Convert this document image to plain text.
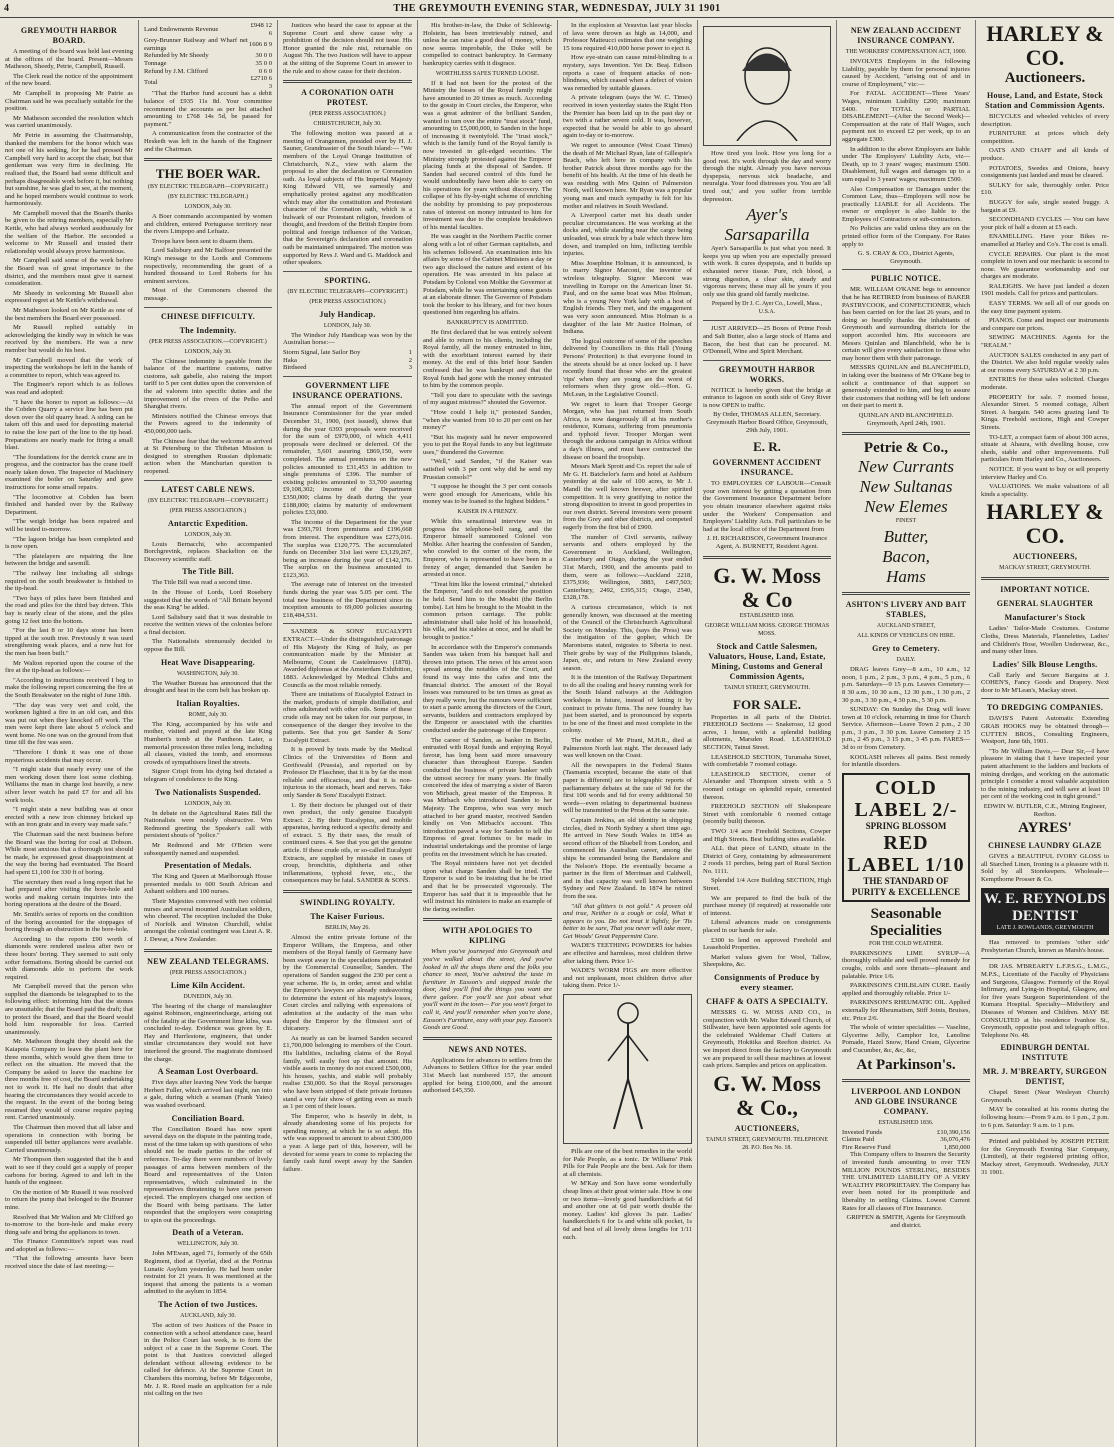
4	THE GREYMOUTH EVENING STAR, WEDNESDAY, JULY 31 1901
GREYMOUTH HARBOR BOARD.

A meeting of the board was held last evening at the offices of the board. Present—Messrs Matheson, Sheedy, Petrie, Campbell, Russell.

The Clerk read the notice of the appointment of the new board.

Mr Campbell in proposing Mr Patrie as Chairman said he was peculiarly suitable for the position.

Mr Matheson seconded the resolution which was carried unanimously.

Mr Petrie in assuming the Chairmanship, thanked the members for the honor which was not one of his seeking, for he had pressed Mr Campbell very hard to accept the chair, but that gentleman was very firm in declining. He realised that, the Board had some difficult and perhaps disagreeable work before it, but nothing but sunshine, he was glad to see, at the moment, and he hoped members would continue to work harmoniously.

Mr Campbell moved that the Board's thanks be given to the retiring members, especially Mr Kettle, who had always worked assiduously for the welfare of the Harbor. He seconded a welcome to Mr Russell and trusted their relationship would always prove harmonious.

Mr Campbell said some of the work before the Board was of great importance to the district, and the members must give it earnest consideration.

Mr Sheedy in welcoming Mr Russell also expressed regret at Mr Kettle's withdrawal.

Mr Matheson looked on Mr Kettle as one of the best members the Board ever possessed.

Mr Russell replied suitably in acknowledging the kindly way in which he was received by the members. He was a new member but would do his best.

Mr Campbell moved that the work of inspecting the workshops be left in the hands of a committee to report, which was agreed to.

The Engineer's report which is as follows was read and adopted:

"I have the honor to report as follows:—At the Cobden Quarry a service line has been put down over the old quarry head. A siding can be taken off this and used for depositing material to raise the low part of the line to the tip head. Preparations are nearly made for firing a small blast.

"The foundations for the derrick crane are in progress, and the contractor has the crane itself nearly taken down. The Inspector of Machinery examined the boiler on Saturday and gave instructions for some small repairs.

"The locomotive at Cobden has been finished and handed over by the Railway Department.

"The weigh bridge has been repaired and will be tested to-morrow.

"The lagoon bridge has been completed and is now open.

"The platelayers are repairing the line between the bridge and sawmill.

"The railway line including all sidings required on the south breakwater is finished to the tip-head.

"Two bays of piles have been finished and the road and piles for the third bay driven. This bay is nearly clear of the stone, and the piles going 12 feet into the bottom.

"For the last 8 or 10 days stone has been tipped at the south tree. Previously it was used strengthening weak places, and a new hut for the men has been built."

Mr Walton reported upon the course of the fire at the tip-head as follows:—

"According to instructions received I beg to make the following report concerning the fire at the South Breakwater on the night of June 18th.

"The day was very wet and cold, the workmen lighted a fire in an old can, and this was put out when they knocked off work. The men were kept there late about 5 o'clock and went home. No one was on the ground from that time till the fire was seen.

"Therefore I think it was one of those mysterious accidents that may occur.

"I might state that nearly every one of the men working down there lost some clothing. Williams the man in charge lost heavily, a new silver lever watch he paid £7 for and all his work tools.

"I might state a new building was at once erected with a new iron chimney bricked up with an iron grate and in every way made safe."

The Chairman said the next business before the Board was the boring for coal at Dobson. While most anxious that a thorough test should be made, he expressed great disappointment at the way the boring had eventuated. The Board had spent £1,100 for 330 ft of boring.

The secretary then read a long report that he had prepared after visiting the bore-hole and works and making certain inquiries into the boring operations at the desire of the Board.

Mr. Smith's series of reports on the condition of the boring accounted for the stoppages of boring through an obstruction in the bore-hole.

According to the reports £90 worth of diamonds were rendered useless after two or three hours' boring. They seemed to suit only softer formations. Boring should be carried out with diamonds able to perform the work required.

Mr Campbell moved that the person who supplied the diamonds be telegraphed to to the following effect: informing him that the stones are unsuitable; that the Board paid the draft; that to protect the Board, and that the Board would hold him responsible for loss. Carried unanimously.

Mr. Matheson thought they should ask the Kaiapoia Company to leave the plant here for three months, which would give them time to reflect on the situation. He moved that the Company be asked to leave the machine for three months free of cost, the Board undertaking not to work it. He had no doubt that after hearing the circumstances they would accede to the request. In the event of the boring being resumed they would of course require paying rent. Carried unanimously.

The Chairman then moved that all labor and operations in connection with boring be suspended till better appliances were available. Carried unanimously.

Mr Thompson then suggested that the b and wait to see if they could get a supply of proper carbons for boring. Agreed to and left in the hands of the engineer.

On the motion of Mr Russell it was resolved to return the pump that belonged to the Brunner mine.

Resolved that Mr Walton and Mr Clifford go to-morrow to the bore-hole and make every thing safe and bring the appliances to town.

The Finance Committee's report was read and adopted as follows:—

"That the following amounts have been received since the date of last meeting:—

Land Endowments Revenue	£948 12 6
Grey-Brunner Railway and Wharf net earnings	1606 8 9
Refunded by Mr Sheedy	30 0 0
Tonnage	35 0 0
Refund by J.M. Clifford	0 6 0
Total	£2710 6 3

"That the Harbor fund account has a debit balance of £935 11s 8d. Your committee recommend the accounts as per list attached amounting to £768 14s 5d, be passed for payment."

A communication from the contractor of the Hesketh was left in the hands of the Engineer and the Chairman.

THE BOER WAR.
(BY ELECTRIC TELEGRAPH—COPYRIGHT.)
(BY ELECTRIC TELEGRAPH.)
LONDON, July 30.

A Boer commando accompanied by women and children, entered Portuguese territory near the rivers Limpopo and Lefuatz.

Troops have been sent to disarm them.

Lord Salisbury and Mr Balfour presented the King's message to the Lords and Commons respectively, recommending the grant of a hundred thousand to Lord Roberts for his eminent services.

Most of the Commoners cheered the message.

CHINESE DIFFICULTY.
The Indemnity.
(PER PRESS ASSOCIATION.—COPYRIGHT.)
LONDON, July 30.

The Chinese indemnity is payable from the balance of the maritime customs, native customs, salt gabelle, also raising the import tariff to 5 per cent duties upon the conversion of the ad valorem into specific duties and the improvement of the rivers of the Peiho and Shanghai rivers.

Ministers notified the Chinese envoys that the Powers agreed to the indemnity of 450,000,000 taels.

The Chinese fear that the welcome as arrived at St Petersburg to the Thibetan Mission is designed to strengthen Russian diplomatic action when the Manchurian question is reopened.

LATEST CABLE NEWS.
(BY ELECTRIC TELEGRAPH—COPYRIGHT.)
(PER PRESS ASSOCIATION.)
Antarctic Expedition.
LONDON, July 30.

Louis Bernacchi, who accompanied Borchgrevink, replaces Shackelton on the Discovery scientific staff.

The Title Bill.

The Title Bill was read a second time.

In the House of Lords, Lord Rosebery suggested that the words of "All Britain beyond the seas King" be added.

Lord Salisbury said that it was desirable to receive the written views of the colonies before a final decision.

The Nationalists strenuously decided to oppose the Bill.

Heat Wave Disappearing.
WASHINGTON, July 30.

The Weather Bureau has announced that the drought and heat in the corn belt has broken up.

Italian Royalties.
ROME, July 30.

The King, accompanied by his wife and mother, visited and prayed at the late King Humbert's tomb at the Pantheon. Later, a memorial procession three miles long, including all classes, visited the tomb, and enormous crowds of sympathisers lined the streets.

Signor Crispi from his dying bed dictated a telegram of condolence to the King.

Two Nationalists Suspended.
LONDON, July 30.

In debate on the Agricultural Rates Bill the Nationalists were noisily obstructive. Wm Redmond greeting the Speaker's call with persistent shouts of "police."

Mr Redmond and Mr O'Brien were subsequently named and suspended.

Presentation of Medals.

The King and Queen at Marlborough House presented medals to 600 South African and Ashanti soldiers and 100 nurses.

Their Majesties conversed with two colonial nurses and several mounted Australian soldiers, who cheered. The reception included the Duke of Norfolk and Winston Churchill, whilst amongst the colonial contingent was Lieut A. R. J. Dewar, a New Zealander.

NEW ZEALAND TELEGRAMS.
(PER PRESS ASSOCIATION.)
Lime Kiln Accident.
DUNEDIN, July 30.

The hearing of the charge of manslaughter against Robinson, engineerincharge, arising out of the fatality at the Government lime kilns, was concluded to-day. Evidence was given by E. Hay and Hurrlestone, engineers, that under similar circumstances they would not have interfered the ground. The magistrate dismissed the charge.

A Seaman Lost Overboard.

Five days after leaving New York the barque Herbert Fuller, which arrived last night, ran into a gale, during which a seaman (Frank Yates) was washed overboard.

Conciliation Board.

The Conciliation Board has now spent several days on the dispute in the painting trade, most of the time taken up with questions of who should not be made parties to the order of reference. To-day there were numbers of lively passages of arms between members of the Board and representatives of the Union representatives, which culminated in the representatives threatening to have one person ejected. The employers charged one section of the Board with being partisans. The latter responded that the employers were conspiring to spin out the proceedings.

Death of a Veteran.
WELLINGTON, July 30.

John M'Ewan, aged 71, formerly of the 65th Regiment, died at Oyerlat, died at the Porirua Lunatic Asylum yesterday. He had been under restraint for 21 years. It was mentioned at the inquest that among the patients is a woman admitted to the asylum in 1854.

The Action of two Justices.
AUCKLAND, July 30.

The action of two Justices of the Peace in connection with a school attendance case, heard in the Police Court last week, is to form the subject of a case in the Supreme Court. The point is that Justices convicted alleged defendant without allowing evidence to be called for defence. At the Supreme Court in Chambers this morning, before Mr Edgecombe, Mr. J. R. Reed made an application for a rule nisi calling on the two

Justices who heard the case to appear at the Supreme Court and show cause why a prohibition of the decision should not issue. His Honor granted the rule nisi, returnable on August 7th. The two Justices will have to appear at the sitting of the Supreme Court in answer to the rule and to show cause for their decision.

A CORONATION OATH PROTEST.
(PER PRESS ASSOCIATION.)
CHRISTCHURCH, July 30.

The following motion was passed at a meeting of Orangemen, presided over by H. J. Sauner, Grandmaster of the South Island:— "We members of the Loyal Orange Institution of Christchurch, N.Z., view with alarm the proposal to alter the declaration or Coronation oath. As loyal subjects of His Imperial Majesty King Edward VII, we earnestly and emphatically protest against any modification which may alter the constitution and Protestant character of the Coronation oath, which is a bulwark of our Protestant religion, freedom of thought, and freedom of the British Empire from political and foreign influence of the Vatican, that the Sovereign's declaration and coronation oath be maintained unimpaired. The motion was supported by Revs J. Ward and G. Maddock and other speakers.

SPORTING.
(BY ELECTRIC TELEGRAPH—COPYRIGHT.)
(PER PRESS ASSOCIATION.)
July Handicap.
LONDON, July 30.

The Windsor July Handicap was won by the Australian horse:—

Storm Signal, late Sailor Boy	1
Haka	2
Birdseed	3
GOVERNMENT LIFE INSURANCE OPERATIONS.

The annual report of the Government Insurance Commissioner for the year ended December 31, 1900, (not issued), shows that during the year 6393 proposals were received for the sum of £979,000, of which 4,411 proposals were declined or deferred. Of the remainder, 5,601 assuring £869,150, were completed. The annual premiums on the new policies amounted to £31,453 in addition to single premiums of £396. The number of existing policies amounted to 33,700 assuring £9,108,302; income of the Department £350,000; claims by death during the year £188,000; claims by maturity of endowment policies £33,000.

The income of the Department for the year was £393,791 from premiums and £196,668 from interest. The expenditure was £273,016. The surplus was £120,775. The accumulated funds on December 31st last were £3,129,267, being an increase during the year of £142,176. The surplus on the business amounted to £123,363.

The average rate of interest on the invested funds during the year was 5.05 per cent. The total new business of the Department since its inception amounts to 69,000 policies assuring £18,484,531.

SANDER & SONS' EUCALYPTI EXTRACT.—Under the distinguished patronage of His Majesty the King of Italy, as per communication made by the Minister at Melbourne, Count de Castelmuovo (1878). Awarded diplomas at the Amsterdam Exhibition, 1883. Acknowledged by Medical Clubs and Councils as the most reliable remedy.

There are imitations of Eucalyptol Extract in the market, products of simple distillation, and often adulterated with other oils. Some of these crude oils may not be taken for our purpose, in consequence of the danger they involve to the patients. See that you get Sander & Sons' Eucalypti Extract.

It is proved by tests made by the Medical Clinics of the Universities of Bonn and Greifswald (Prussia), and reported on by Professor Dr Flaschner, that it is by far the most reliable and efficacious, and that it is non-injurious to the stomach, heart and nerves. Take only Sander & Sons' Eucalypti Extract.

1. By their doctors be plunged out of their own product, the only genuine Eucalypti Extract. 2. By their Eucalyptus, and mobile apparatus, having reduced a specific density and of extract. 3. By their uses, the result of continued cures. 4. See that you get the genuine article. If these crude oils, or so-called Eucalypti Extracts, are supplied by mistake in cases of croup, bronchitis, diphtheria and other inflammations, typhoid fever, etc., the consequences may be fatal. SANDER & SONS.

SWINDLING ROYALTY.
The Kaiser Furious.
BERLIN, May 26.

Almost the entire private fortune of the Emperor William, the Empress, and other members of the Royal family of Germany have been swept away in the speculations perpetrated by the Commercial Counsellor, Sanden. The operations of Sanden suggest the 230 per cent a year scheme. He is, in order, arrest and whilst the Emperor's lawyers are already endeavoring to determine the extent of his majesty's losses, Court circles and rallying with expressions of admiration at the audacity of the man who duped the Emperor by the flimsiest sort of chicanery.

As nearly as can be learned Sanden secured £1,700,000 belonging to members of the Court. His liabilities, including claims of the Royal family, will easily foot up that amount. His visible assets in money do not exceed £500,000, his houses, yachts, and stable will probably realise £30,000. So that the Royal personages who have been stripped of their private fortunes stand a very fair show of getting even as much as 1 per cent of their losses.

The Emperor, who is heavily in debt, is already abandoning some of his projects for spending money, at which he is so adept. His wife was supposed to amount to about £300,000 a year. A large part of this, however, will be devoted for some years to come to replacing the family cash fund swept away by the Sanden failure.

His brother-in-law, the Duke of Schleswig-Holstein, has been irretrievably ruined, and unless he can raise a good deal of money, which now seems improbable, the Duke will be compelled to contract bankruptcy. In Germany bankruptcy carries with it disgrace.

WORTHLESS SAFES TURNED LOOSE.

If it had not been for the protest of the Ministry the losses of the Royal family might have amounted to 20 times as much. According to the gossip in Court circles, the Emperor, who was a great admirer of the brilliant Sanden, wanted to turn over the entire "trust stock" fund, amounting to £5,000,000, to Sanden in the hope of increasing it twentyfold. The "trust stock," which is the family fund of the Royal family is now invested in gilt-edged securities. The Ministry strongly protested against the Emperor placing funds at the disposal of Sanden. If Sanden had secured control of this fund he would undoubtedly have been able to carry on his operations for years without discovery. The collapse of his fly-by-night scheme of enriching the nobility by promising to pay preposterous rates of interest on money intrusted to him for investment was due to the complete breakdown of his mental faculties.

He was caught in the Northern Pacific corner along with a lot of other German capitalists, and his schemes followed. An examination into his affairs by some of the Cabinet Ministers a day or two ago disclosed the nature and extent of his operation. He was arrested in his palace at Potsdam by Colonel von Moltke the Governor at Potsdam, while he was entertaining some guests at an elaborate dinner. The Governor of Potsdam took the broker to his library, and for two hours questioned him regarding his affairs.

BANKRUPTCY IS ADMITTED.

He first declared that he was entirely solvent and able to return to his clients, including the Royal family, all the money entrusted to him, with the exorbitant interest earned by their money. At the end of this brief hour Sanden confessed that he was bankrupt and that the Royal funds had gone with the money entrusted to him by the common people.

"Tell you dare to speculate with the savings of my august mistress?" shouted the Governor.

"How could I help it," protested Sanden, "when she wanted from 10 to 20 per cent on her money?"

"But his majesty said he never empowered you to put the Royal funds to any but legitimate uses," thundered the Governor.

"Well," said Sanden, "if the Kaiser was satisfied with 3 per cent why did he send my Prussian consols?"

"I suppose he thought the 3 per cent consols were good enough for Americans, while his money was to be loaned to the highest bidders."

KAISER IN A FRENZY.

While this sensational interview was in progress the telephone-bell rang, and the Emperor himself summoned Colonel von Moltke. After hearing the confession of Sanden, who crawled to the corner of the room, the Emperor, who is represented to have been in a frenzy of anger, demanded that Sanden be arrested at once.

"Treat him like the lowest criminal," shrieked the Emperor, "and do not consider the position he held. Send him to the Moabit (the Berlin tombs). Let him be brought to the Moabit in the common prison carriage. The public administrator shall take hold of his household, his villa, and his stables at once, and he shall be brought to justice."

In accordance with the Emperor's commands Sanden was taken from his banquet hall and thrown into prison. The news of his arrest soon spread among the notables of the Court, and found its way into the cafes and into the financial district. The amount of the Royal losses was rumoured to be ten times as great as they really were, but the rumours were sufficient to start a panic among the directors of the Court, servants, builders and contractors employed by the Emperor or associated with the charities conducted under the patronage of the Emperor.

The career of Sanden, as banker in Berlin, entrusted with Royal funds and enjoying Royal favour, has long been said more unsavoury character than throughout Europe. Sanden conducted the business of private banker with the utmost secrecy for many years. He finally conceived the idea of marrying a sister of Baron von Mirbach, great master of the Empress. It was Mirbach who introduced Sanden to her Majesty. The Empress, who was very much attached to her grand master, received Sanden kindly on Von Mirbach's account. This introduction paved a way for Sanden to tell the Empress of great fortunes to be made in industrial undertakings and the promise of large profits on the investment which he has created.

The Royal ministers have not yet decided upon what charge Sanden shall be tried. The Emperor is said to be insisting that he be tried and that he be prosecuted vigorously. The Emperor has said that it is impossible that he will instruct his ministers to make an example of the daring swindler.

WITH APOLOGIES TO KIPLING

When you've journeyed into Greymouth and you've walked about the street, And you've looked in all the shops there and the folks you chance to meet, You've admired the taste in furniture in Easson's and stepped inside the door, And you'll find the things you want are there galore. For you'll see just about what you'll want in the town— For you won't forget to call it, And you'll remember when you're done, Easson's Furniture, easy with your pay. Easson's Goods are Good.

NEWS AND NOTES.

Applications for advances to settlers from the Advances to Settlers Office for the year ended 31st March last numbered 157, the amount applied for being £100,000, and the amount authorised £45,350.

In the explosion at Vesuvius last year blocks of lava were thrown as high as 14,000, and Professor Matteucci estimates that one weighing 15 tons required 410,000 horse power to eject it.

How eye-strain can cause mind-blinding is a mystery, says Invention. Yet Dr. Beaj. Edison reports a case of frequent attacks of non-blindness, which ceased when a defect of vision was remedied by suitable glasses.

A private telegram (says the W. C. Times) received in town yesterday states the Right Hon the Premier has been laid up in the past day or two with a rather severe cold. It was, however, expected that he would be able to go aboard again to-day or to-morrow.

We regret to announce (West Coast Times) the death of Mr Michael Ryan, late of Gillespie's Beach, who left here in company with his brother Patrick about three months ago for the benefit of his health. At the time of his death he was residing with Mrs Quinn of Palmerston North, well known here. Mr Ryan was a popular young man and much sympathy is felt for his mother and relatives in South Westland.

A Liverpool carter met his death under peculiar circumstances. He was working at the docks and, while standing near the cargo being unloaded, was struck by a bale which threw him down, and trampled on him, inflicting terrible injuries.

Miss Josephine Holman, it is announced, is to marry Signor Marconi, the inventor of wireless telegraphy. Signor Marconi was travelling in Europe on the American liner St. Paul, and on the same boat was Miss Holman, who is a young New York lady with a host of English friends. They met, and the engagement was very soon announced. Miss Holman is a daughter of the late Mr Justice Holman, of Indiana.

The logical outcome of some of the speeches delivered by Councillors in this Hall (Young Persons' Protection) is that everyone found in the streets should be at once locked up. I have recently found that those who are the greatest 'rips' when they are young are the worst of reformers when they grow old.—Hon. G. McLean, in the Legislative Council.

We regret to learn that Trooper George Morgan, who has just returned from South Africa, is now dangerously ill at his mother's residence, Kumara, suffering from pneumonia and typhoid fever. Trooper Morgan went through the arduous campaign in Africa without a day's illness, and must have contracted the disease on board the troopship.

Messrs Mark Sprott and Co. report the sale of Mr G. H. Batchelor's farm and hotel at Ashburn yesterday at the sale of 100 acres, to Mr J. Mandl the well known brewer, after spirited competition. It is very gratifying to notice the strong disposition to invest in good properties in our own district. Several investors were present from the Grey and other districts, and competed eagerly from the first bid of £900.

The number of Civil servants, railway servants and others employed by the Government in Auckland, Wellington, Canterbury and Otago, during the year ended 31st March, 1900, and the amounts paid to them, were as follows:—Auckland 2218, £375,936; Wellington, 3883, £497,503; Canterbury, 2492, £395,315; Otago, 2540, £328,178.

A curious circumstance, which is not generally known, was discussed at the meeting of the Council of the Christchurch Agricultural Society on Monday. This, (says the Press) was the instigation of the gopher, which Dr Maronisms stated, migrates to Siberia to nest. Their grubs by way of the Philippines Islands, Japan, etc, and return to New Zealand every season.

It is the intention of the Railway Department to do all the coaling and heavy running work for the South Island railways at the Addington workshops in future, instead of letting it by contract to private firms. The new foundry has just been started, and is pronounced by experts to be one of the finest and most complete in the colony.

The mother of Mr Pirani, M.H.R., died at Palmerston North last night. The deceased lady was well known on the Coast.

All the newspapers in the Federal States (Tasmania excepted, because the state of that paper is different) are to telegraphic reports of parliamentary debates at the rate of 9d for the first 100 words and 6d for every additional 50 words—even relating to departmental business will be transmitted to the Press at the same rate.

Captain Jenkins, an old identity in shipping circles, died in North Sydney a short time ago. He arrived in New South Wales in 1854 as second officer of the Bluebell from London, and commenced his Australian career, among the ships he commanded being the Bandalore and the Nelson's Hope. He eventually became a partner in the firm of Merriman and Caldwell, and in that capacity was well known between Sydney and New Zealand. In 1874 he retired from the sea.

"All that glitters is not gold." A proven old and true, Neither is a cough or cold, What it appears to you. Do not treat it lightly, for 'Tis better to be sure, That you never will take more, Get Woods' Great Peppermint Cure.

WADE'S TEETHING POWDERS for babies are effective and harmless, most children thrive after taking them. Price 1/-

WADE'S WORM FIGS are more effective and not unpleasant, most children thrive after taking them. Price 1/-

Pills are one of the best remedies in the world for Pale People, as a tonic. Dr Williams' Pink Pills for Pale People are the best. Ask for them at all chemists.

W M'Kay and Son have some wonderfully cheap lines at their great winter sale. How is one or two items—lovely good handkerchiefs at 6d and another one at 6d pair worth double the money. Ladies' kid gloves 3s pair. Ladies' handkerchiefs 6 for 1s and white silk pocket, 1s 6d and best of all lovely dress lengths for 1/11 each.

How tired you look. How you long for a good rest. It's work through the day and worry through the night. Already you have nervous dyspepsia, nervous sick headache, and neuralgia. Your food distresses you. You are 'all tired out,' and you suffer from terrible depression.

Ayer's Sarsaparilla

Ayer's Sarsaparilla is just what you need. It keeps you up when you are especially pressed with work. It cures dyspepsia, and it builds up exhausted nerve tissue. Pure, rich blood, a strong digestion, a clear skin, steady and vigorous nerves; these may all be yours if you only use this grand old family medicine.

Prepared by Dr J. C. Ayer Co., Lowell, Mass., U.S.A.

JUST ARRIVED—25 Boxes of Prime Fresh and Salt Butter, also a large stock of Hams and Bacon, the best that can be procured. M. O'Donnell, Wine and Spirit Merchant.

GREYMOUTH HARBOR WORKS.

NOTICE is hereby given that the bridge at entrance to lagoon on south side of Grey River is now OPEN to traffic.

By Order, THOMAS ALLEN, Secretary. Greymouth Harbor Board Office, Greymouth, 29th July, 1901.

E. R.
GOVERNMENT ACCIDENT INSURANCE.

TO EMPLOYERS OF LABOUR—Consult your own interest by getting a quotation from the Government Insurance Department before you obtain insurance elsewhere against risks under the Workers' Compensation and Employers' Liability Acts. Full particulars to be had at the local office of the Department from

J. H. RICHARDSON, Government Insurance Agent, A. BURNETT, Resident Agent.

G. W. Moss & Co
ESTABLISHED 1868.
GEORGE WILLIAM MOSS. GEORGE THOMAS MOSS.
Stock and Cattle Salesmen, Valuators, House, Land, Estate, Mining, Customs and General Commission Agents,
TAINUI STREET, GREYMOUTH.
FOR SALE.

Properties in all parts of the District. FREEHOLD Sections — Snakeroso, 12 good acres, 1 house, with a splendid building allotments, Marsden Road. LEASEHOLD SECTION, Tainui Street.

LEASEHOLD SECTION, Turumaha Street, with comfortable 7 roomed cottage.

LEASEHOLD SECTION, corner of Alexander and Thompson streets with a 5 roomed cottage on splendid repair, cemented thereon.

FREEHOLD SECTION off Shakespeare Street with comfortable 6 roomed cottage (recently built) thereon.

TWO 1/4 acre Freehold Sections, Cowper and High Streets. Best building sites available.

ALL that piece of LAND, situate in the District of Grey, containing by admeasurement 2 roods 11 perches, being part of Rural Section No. 1111.

Splendid 1/4 Acre Building SECTION, High Street.

We are prepared to find the bulk of the purchase money (if required) at reasonable rate of interest.

Liberal advances made on consignments placed in our hands for sale.

£300 to lend on approved Freehold and Leasehold Properties.

Market values given for Wool, Tallow, Sheepskins, &c.

Consignments of Produce by every steamer.
CHAFF & OATS A SPECIALTY.

MESSRS G. W. MOSS AND CO., in conjunction with Mr. Walter Edward Church, of Stillwater, have been appointed sole agents for the celebrated Waldemar Chaff Cutters at Greymouth, Hokitika and Reefton district. As we import direct from the factory to Greymouth we are prepared to sell these machines at lowest cash prices. Samples and prices on application.

G. W. Moss & Co.,
AUCTIONEERS,
TAINUI STREET, GREYMOUTH. TELEPHONE 28. P.O. Box No. 18.
NEW ZEALAND ACCIDENT INSURANCE COMPANY.
THE WORKERS' COMPENSATION ACT, 1900.

INVOLVES Employers in the following Liability, payable by them for personal injuries caused by Accident, "arising out of and in course of Employment," viz:—

For FATAL ACCIDENT—Three Years' Wages, minimum Liability £200; maximum £400. For TOTAL or PARTIAL DISABLEMENT—(After the Second Week)—Compensation at the rate of Half Wages, such payment not to exceed £2 per week, up to an aggregate £300.

In addition to the above Employers are liable under The Employers' Liability Acts, viz—Death, up to 3 years' wages; maximum £500. Disablement, full wages and damages up to a sum equal to 3 years' wages; maximum £500.

Also Compensation or Damages under the Common Law, thus—Employers will now be practically LIABLE for all Accidents. The owner or employer is also liable to the Employees of Contractors or sub-contractors.

No Policies are valid unless they are on the printed office form of the Company. For Rates apply to

G. S. CRAY & CO., District Agents, Greymouth.

PUBLIC NOTICE.

MR. WILLIAM O'KANE begs to announce that he has RETIRED from business of BAKER PASTRYCOOK, and CONFECTIONER, which has been carried on for the last 26 years, and in doing so heartily thanks the inhabitants of Greymouth and surrounding districts for the support accorded him. His successors are Messrs Quinlan and Blanchfield, who he is certain will give every satisfaction to those who may honor them with their patronage.

MESSRS QUINLAN and BLANCHFIELD, in taking over the business of Mr O'Kane beg to solicit a continuance of that support so generously extended to him, and beg to assure their customers that nothing will be left undone on their part to merit it.

QUINLAN AND BLANCHFIELD. Greymouth, April 24th, 1901.

Petrie & Co.,
New Currants
New Sultanas
New Elemes
FINEST
Butter,
Bacon,
Hams
ASHTON'S LIVERY AND BAIT STABLES,
AUCKLAND STREET,
ALL KINDS OF VEHICLES ON HIRE.
Grey to Cemetery.
DAILY.

DRAG leaves Grey—8 a.m., 10 a.m., 12 noon, 1 p.m., 2 p.m., 3 p.m., 4 p.m., 5 p.m., 6 p.m. Saturdays—9 15 p.m. Leaves Cemetery—8 30 a.m., 10 30 a.m., 12 30 p.m., 1 30 p.m., 2 30 p.m., 3 30 p.m., 4 30 p.m., 5 30 p.m.

SUNDAY: On Sunday the Drag will leave town at 10 o'clock, returning in time for Church Service. Afternoon—Leave Town 2 p.m., 2 30 p.m., 3 p.m., 3 30 p.m. Leave Cemetery 2 15 p.m., 2 45 p.m., 3 15 p.m., 3 45 p.m. FARES—3d to or from Cemetery.

KOOLASH relieves all pains. Best remedy for infantile disorders.

COLD LABEL 2/-
SPRING BLOSSOM
RED LABEL 1/10
THE STANDARD OF PURITY & EXCELLENCE
Seasonable Specialities
FOR THE COLD WEATHER.

PARKINSON'S LIME SYRUP—A thoroughly reliable and well proved remedy for coughs, colds and sore throats—pleasant and palatable. Price 1/6.

PARKINSON'S CHILBLAIN CURE. Easily applied and thoroughly reliable. Price 1/-

PARKINSON'S RHEUMATIC OIL. Applied externally for Rheumatism, Stiff Joints, Bruises, etc. Price 2/6.

The whole of winter specialities — Vaseline, Glycerine Jelly, Camphor Ice, Lanoline Pomade, Hazel Snow, Hand Cream, Glycerine and Cucumber, &c, &c, &c,

At Parkinson's.
LIVERPOOL AND LONDON AND GLOBE INSURANCE COMPANY.
ESTABLISHED 1836.
Invested Funds	£10,390,156
Claims Paid	36,076,476
Fire Reserve Fund	1,850,000

This Company offers to Insurers the Security of invested funds amounting to over TEN MILLION POUNDS STERLING, BESIDES THE UNLIMITED LIABILITY OF A VERY WEALTHY PROPRIETARY. The Company has ever been noted for its promptitude and liberality in settling Claims. Lowest Current Rates for all classes of Fire Insurance.

GRIFFEN & SMITH, Agents for Greymouth and district.

HARLEY & CO.
Auctioneers.
House, Land, and Estate, Stock Station and Commission Agents.

BICYCLES and wheeled vehicles of every description.

FURNITURE at prices which defy competition.

OATS AND CHAFF and all kinds of produce.

POTATOES, Swedes and Onions, heavy consignments just landed and must be cleared.

SULKY for sale, thoroughly order. Price £10.

BUGGY for sale, single seated buggy. A bargain at £9.

SECONDHAND CYCLES — You can have your pick of half a dozen at £5 each.

ENAMELLING. Have your Bikes re-enamelled at Harley and Co's. The cost is small.

CYCLE REPAIRS. Our plant is the most complete in town and our mechanic is second to none. We guarantee workmanship and our charges are moderate.

RALEIGHS. We have just landed a dozen 1901 models. Call for prices and particulars.

EASY TERMS. We sell all of our goods on the easy time payment system.

PIANOS. Come and inspect our instruments and compare our prices.

SEWING MACHINES. Agents for the "REALM."

AUCTION SALES conducted in any part of the District. We also hold regular weekly sales at our rooms every SATURDAY at 2 30 p.m.

ENTRIES for these sales solicited. Charges moderate.

PROPERTY for sale. 7 roomed house, Alexander Street. 5 roomed cottage, Albert Street. A bargain. 540 acres grazing land Te Kinga. Freehold sections, High and Cowper Streets.

TO-LET, a compact farm of about 300 acres, situate at Ahaura, with dwelling house, cow sheds, stable and other improvements. Full particulars from Harley and Co., Auctioneers.

NOTICE. If you want to buy or sell property interview Harley and Co.

VALUATIONS. We make valuations of all kinds a speciality.

HARLEY & CO.
AUCTIONEERS,
MACKAY STREET, GREYMOUTH.
IMPORTANT NOTICE.
GENERAL SLAUGHTER
Manufacturer's Stock

Ladies' Tailor-Made Costumes. Costume Cloths, Dress Materials, Flannelettes, Ladies' and Children's Hose, Woollen Underwear, &c., and many other lines.

Ladies' Silk Blouse Lengths.

Call Early and Secure Bargains at J. COHEN'S, Fancy Goods and Drapery. Next door to Mr M'Lean's, Mackay street.

TO DREDGING COMPANIES.

DAVIS'S Patent Automatic Extending GRAB HOOKS may be obtained through— CUTTEN BROS., Consulting Engineers, Westport, June 6th, 1901.

"To Mr William Davis,— Dear Sir,—I have pleasure in stating that I have inspected your patent attachment to the ladders and buckets of mining dredges, and working on the automatic principle I consider a most valuable acquisition to the mining industry, and will save at least 10 per cent of the working cost in tight ground."

EDWIN W. BUTLER, C.E., Mining Engineer, Reefton.

AYRES'
CHINESE LAUNDRY GLAZE

GIVES a BEAUTIFUL IVORY GLOSS to all Starched Linen, Ironing is a pleasure with it. Sold by all Storekeepers. Wholesale—Kempthorne Prosser & Co.

W. E. REYNOLDS
DENTIST
LATE J. ROWLANDS, GREYMOUTH

Has removed to premises 'other side' Presbyterian Church, known as Marsh's house.

DR JAS. M'BREARTY L.F.P.S.G., L.M.G., M.P.S., Licentiate of the Faculty of Physicians and Surgeons, Glasgow. Formerly of the Royal Infirmary, and Lying-in Hospital, Glasgow, and for five years Surgeon Superintendent of the Kumara Hospital. Specialty—Midwifery and Diseases of Women and Children. MAY BE CONSULTED at his residence Ivanhoe St., Greymouth, opposite post and telegraph office. Telephone No. 48.

EDINBURGH DENTAL INSTITUTE
MR. J. M'BREARTY, SURGEON DENTIST,

Chapel Street (Near Wesleyan Church) Greymouth.

MAY be consulted at his rooms during the following hours:—From 9 a.m. to 1 p.m., 2 p.m. to 6 p.m. Saturday: 9 a.m. to 1 p.m.

Printed and published by JOSEPH PETRIE for the Greymouth Evening Star Company, (Limited), at their registered printing office, Mackay street, Greymouth. Wednesday, JULY 31 1901.
